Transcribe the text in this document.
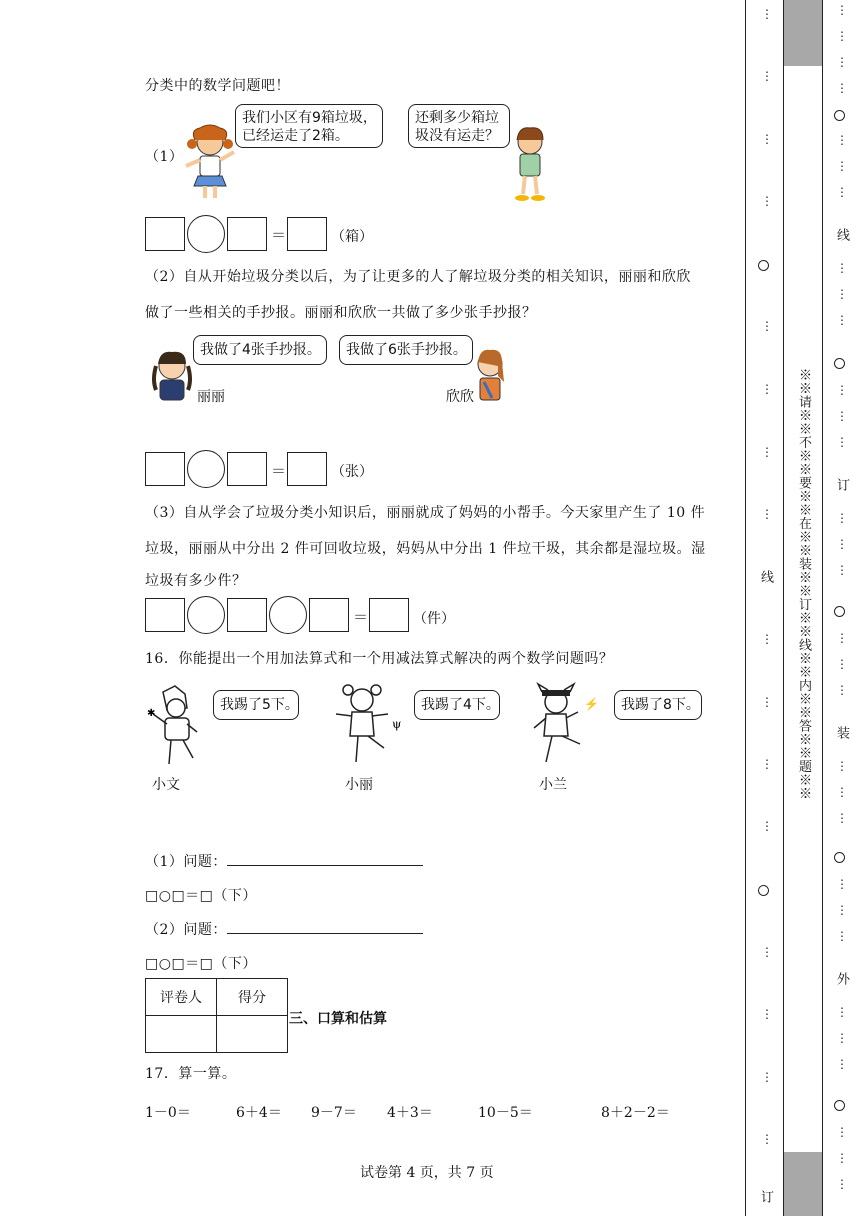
分类中的数学问题吧！
（1）
我们小区有9箱垃圾，
已经运走了2箱。
还剩多少箱垃
圾没有运走？
＝	（箱）
（2）自从开始垃圾分类以后，为了让更多的人了解垃圾分类的相关知识，丽丽和欣欣
做了一些相关的手抄报。丽丽和欣欣一共做了多少张手抄报？
丽丽
我做了4张手抄报。	我做了6张手抄报。
欣欣
＝	（张）
（3）自从学会了垃圾分类小知识后，丽丽就成了妈妈的小帮手。今天家里产生了 10 件
垃圾，丽丽从中分出 2 件可回收垃圾，妈妈从中分出 1 件垃干圾，其余都是湿垃圾。湿
垃圾有多少件？
＝	（件）
16．你能提出一个用加法算式和一个用减法算式解决的两个数学问题吗？
✱
我踢了5下。
小文
ψ
我踢了4下。
小丽
⚡	我踢了8下。
小兰
（1）问题：
□○□＝□（下）
（2）问题：
□○□＝□（下）
评卷人	得分

三、口算和估算
17．算一算。
1－0＝	6＋4＝ 9－7＝ 4＋3＝	10－5＝	8＋2－2＝
试卷第 4 页，共 7 页
⋮
⋮
⋮
⋮
⋮
⋮
⋮
⋮
线
⋮
⋮
⋮
⋮
⋮
⋮
⋮
⋮
订
※※请※※不※※要※※在※※装※※订※※线※※内※※答※※题※※
⋮
⋮
⋮
⋮
⋮
⋮
⋮
线
⋮
⋮
⋮
⋮
⋮
⋮
订
⋮
⋮
⋮
⋮
⋮
⋮
装
⋮
⋮
⋮
⋮
⋮
⋮
外
⋮
⋮
⋮
⋮
⋮
⋮
